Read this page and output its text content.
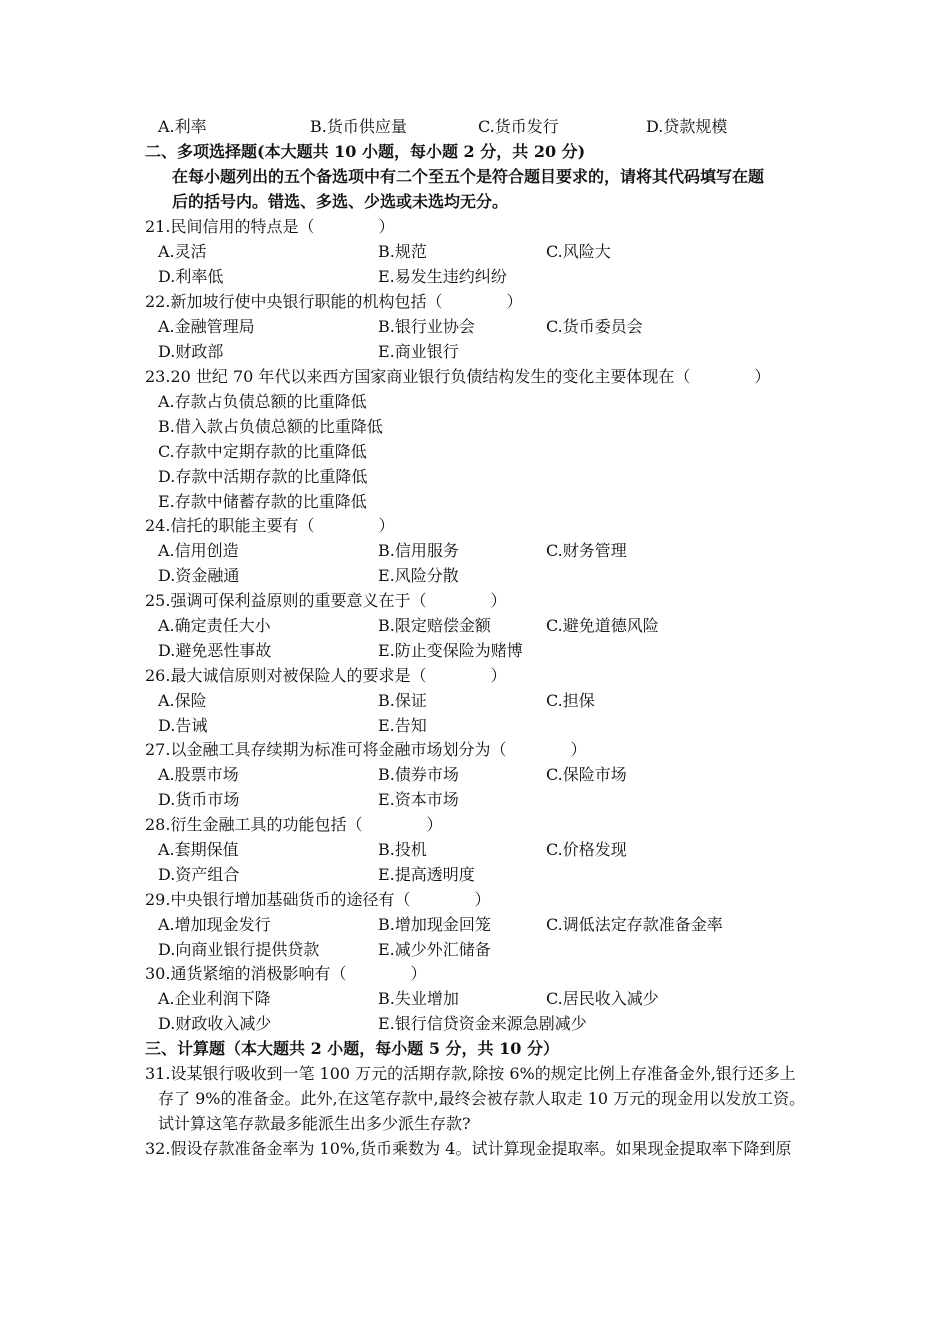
A.利率	B.货币供应量	C.货币发行	D.贷款规模
二、多项选择题(本大题共 10 小题，每小题 2 分，共 20 分)
在每小题列出的五个备选项中有二个至五个是符合题目要求的，请将其代码填写在题
后的括号内。错选、多选、少选或未选均无分。
21.民间信用的特点是（　　　　）
A.灵活	B.规范	C.风险大
D.利率低	E.易发生违约纠纷
22.新加坡行使中央银行职能的机构包括（　　　　）
A.金融管理局	B.银行业协会	C.货币委员会
D.财政部	E.商业银行
23.20 世纪 70 年代以来西方国家商业银行负债结构发生的变化主要体现在（　　　　）
A.存款占负债总额的比重降低
B.借入款占负债总额的比重降低
C.存款中定期存款的比重降低
D.存款中活期存款的比重降低
E.存款中储蓄存款的比重降低
24.信托的职能主要有（　　　　）
A.信用创造	B.信用服务	C.财务管理
D.资金融通	E.风险分散
25.强调可保利益原则的重要意义在于（　　　　）
A.确定责任大小	B.限定赔偿金额	C.避免道德风险
D.避免恶性事故	E.防止变保险为赌博
26.最大诚信原则对被保险人的要求是（　　　　）
A.保险	B.保证	C.担保
D.告诫	E.告知
27.以金融工具存续期为标准可将金融市场划分为（　　　　）
A.股票市场	B.债券市场	C.保险市场
D.货币市场	E.资本市场
28.衍生金融工具的功能包括（　　　　）
A.套期保值	B.投机	C.价格发现
D.资产组合	E.提高透明度
29.中央银行增加基础货币的途径有（　　　　）
A.增加现金发行	B.增加现金回笼	C.调低法定存款准备金率
D.向商业银行提供贷款	E.减少外汇储备
30.通货紧缩的消极影响有（　　　　）
A.企业利润下降	B.失业增加	C.居民收入减少
D.财政收入减少	E.银行信贷资金来源急剧减少
三、计算题（本大题共 2 小题，每小题 5 分，共 10 分）
31.设某银行吸收到一笔 100 万元的活期存款,除按 6%的规定比例上存准备金外,银行还多上
存了 9%的准备金。此外,在这笔存款中,最终会被存款人取走 10 万元的现金用以发放工资。
试计算这笔存款最多能派生出多少派生存款?
32.假设存款准备金率为 10%,货币乘数为 4。试计算现金提取率。如果现金提取率下降到原
